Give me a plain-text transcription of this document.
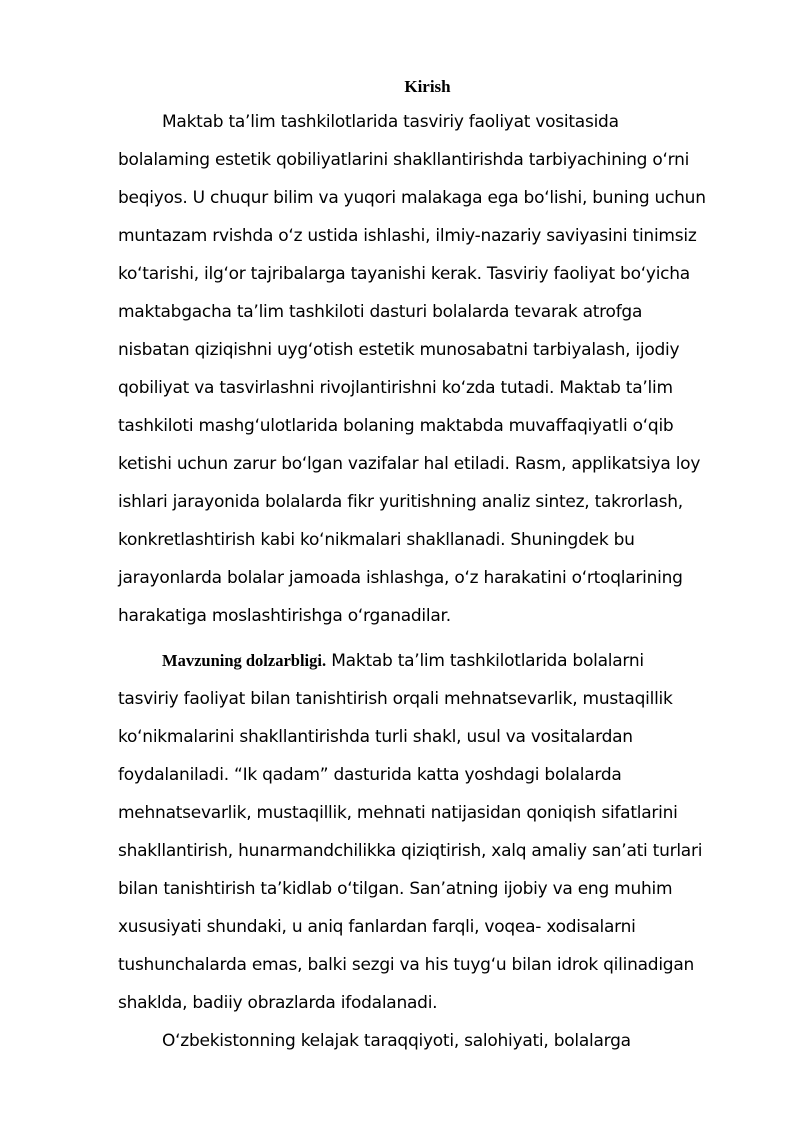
Kirish
Maktab ta’lim tashkilotlarida tasviriy faoliyat vositasida
bolalaming estetik qobiliyatlarini shakllantirishda tarbiyachining o‘rni
beqiyos. U chuqur bilim va yuqori malakaga ega bo‘lishi, buning uchun
muntazam rvishda o‘z ustida ishlashi, ilmiy-nazariy saviyasini tinimsiz
ko‘tarishi, ilg‘or tajribalarga tayanishi kerak. Tasviriy faoliyat bo‘yicha
maktabgacha ta’lim tashkiloti dasturi bolalarda tevarak atrofga
nisbatan qiziqishni uyg‘otish estetik munosabatni tarbiyalash, ijodiy
qobiliyat va tasvirlashni rivojlantirishni ko‘zda tutadi. Maktab ta’lim
tashkiloti mashg‘ulotlarida bolaning maktabda muvaffaqiyatli o‘qib
ketishi uchun zarur bo‘lgan vazifalar hal etiladi. Rasm, applikatsiya loy
ishlari jarayonida bolalarda fikr yuritishning analiz sintez, takrorlash,
konkretlashtirish kabi ko‘nikmalari shakllanadi. Shuningdek bu
jarayonlarda bolalar jamoada ishlashga, o‘z harakatini o‘rtoqlarining
harakatiga moslashtirishga o‘rganadilar.
Mavzuning dolzarbligi. Maktab ta’lim tashkilotlarida bolalarni
tasviriy faoliyat bilan tanishtirish orqali mehnatsevarlik, mustaqillik
ko‘nikmalarini shakllantirishda turli shakl, usul va vositalardan
foydalaniladi. “Ik qadam” dasturida katta yoshdagi bolalarda
mehnatsevarlik, mustaqillik, mehnati natijasidan qoniqish sifatlarini
shakllantirish, hunarmandchilikka qiziqtirish, xalq amaliy san’ati turlari
bilan tanishtirish ta’kidlab o‘tilgan. San’atning ijobiy va eng muhim
xususiyati shundaki, u aniq fanlardan farqli, voqea- xodisalarni
tushunchalarda emas, balki sezgi va his tuyg‘u bilan idrok qilinadigan
shaklda, badiiy obrazlarda ifodalanadi.
O‘zbekistonning kelajak taraqqiyoti, salohiyati, bolalarga
